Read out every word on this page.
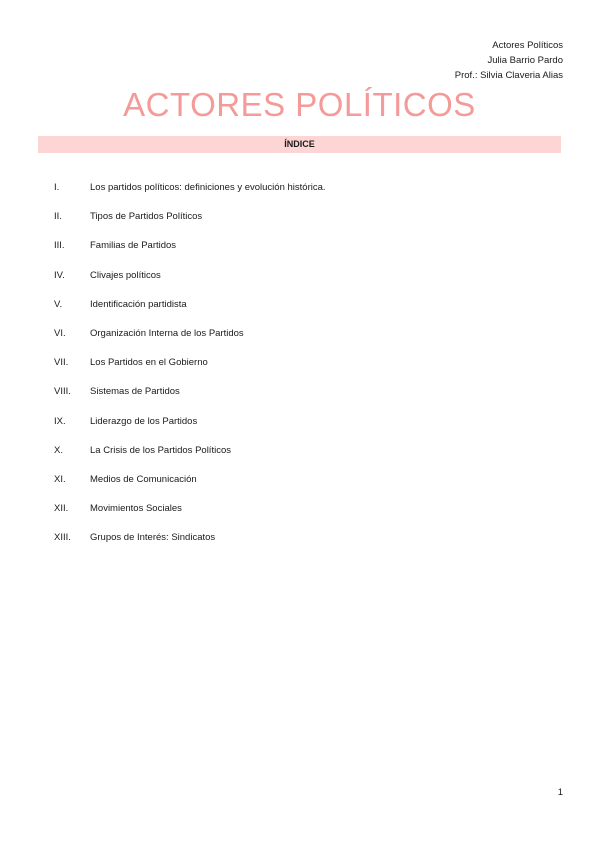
Actores Políticos
Julia Barrio Pardo
Prof.: Silvia Claveria Alias
ACTORES POLÍTICOS
ÍNDICE
I.	Los partidos políticos: definiciones y evolución histórica.
II.	Tipos de Partidos Políticos
III.	Familias de Partidos
IV.	Clivajes políticos
V.	Identificación partidista
VI.	Organización Interna de los Partidos
VII.	Los Partidos en el Gobierno
VIII.	Sistemas de Partidos
IX.	Liderazgo de los Partidos
X.	La Crisis de los Partidos Políticos
XI.	Medios de Comunicación
XII.	Movimientos Sociales
XIII.	Grupos de Interés: Sindicatos
1
